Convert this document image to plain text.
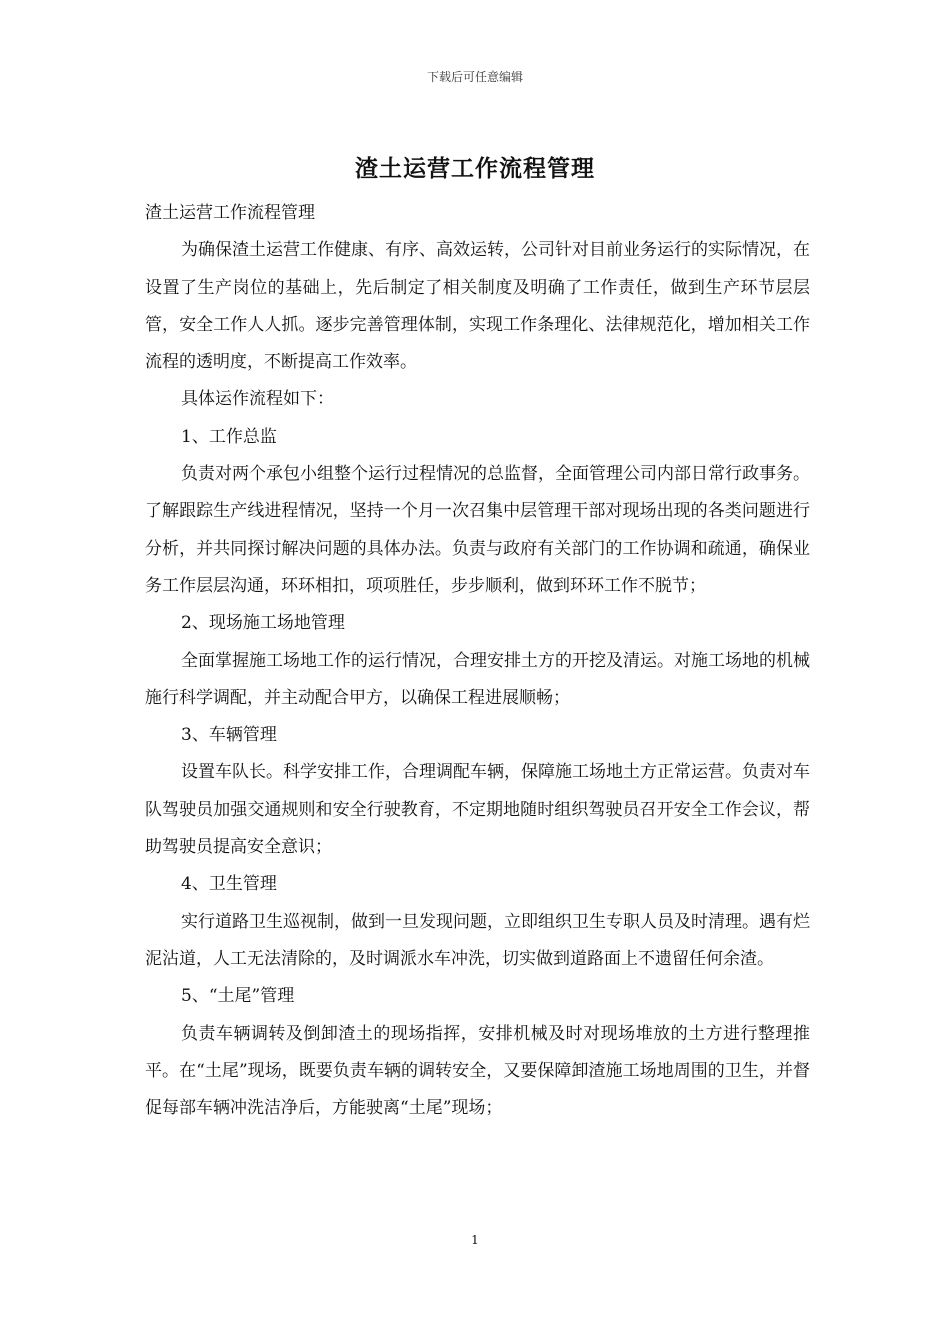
下载后可任意编辑
渣土运营工作流程管理

渣土运营工作流程管理

为确保渣土运营工作健康、有序、高效运转，公司针对目前业务运行的实际情况，在设置了生产岗位的基础上，先后制定了相关制度及明确了工作责任，做到生产环节层层管，安全工作人人抓。逐步完善管理体制，实现工作条理化、法律规范化，增加相关工作流程的透明度，不断提高工作效率。

具体运作流程如下：

1、工作总监

负责对两个承包小组整个运行过程情况的总监督，全面管理公司内部日常行政事务。了解跟踪生产线进程情况，坚持一个月一次召集中层管理干部对现场出现的各类问题进行分析，并共同探讨解决问题的具体办法。负责与政府有关部门的工作协调和疏通，确保业务工作层层沟通，环环相扣，项项胜任，步步顺利，做到环环工作不脱节；

2、现场施工场地管理

全面掌握施工场地工作的运行情况，合理安排土方的开挖及清运。对施工场地的机械施行科学调配，并主动配合甲方，以确保工程进展顺畅；

3、车辆管理

设置车队长。科学安排工作，合理调配车辆，保障施工场地土方正常运营。负责对车队驾驶员加强交通规则和安全行驶教育，不定期地随时组织驾驶员召开安全工作会议，帮助驾驶员提高安全意识；

4、卫生管理

实行道路卫生巡视制，做到一旦发现问题，立即组织卫生专职人员及时清理。遇有烂泥沾道，人工无法清除的，及时调派水车冲洗，切实做到道路面上不遗留任何余渣。

5、“土尾”管理

负责车辆调转及倒卸渣土的现场指挥，安排机械及时对现场堆放的土方进行整理推平。在“土尾”现场，既要负责车辆的调转安全，又要保障卸渣施工场地周围的卫生，并督促每部车辆冲洗洁净后，方能驶离“土尾”现场；

1
